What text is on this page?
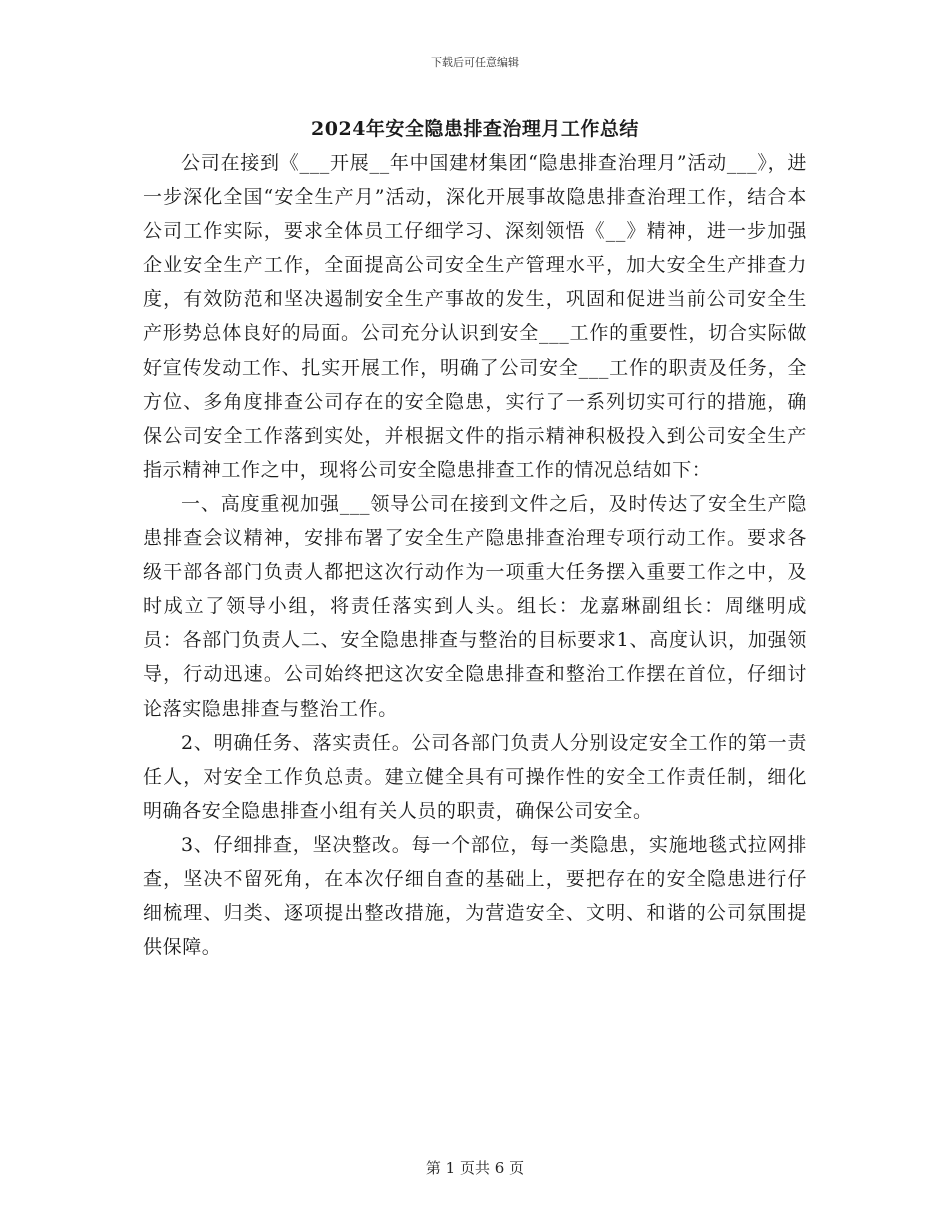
下载后可任意编辑
2024年安全隐患排查治理月工作总结

公司在接到《___开展__年中国建材集团“隐患排查治理月”活动___》，进一步深化全国“安全生产月”活动，深化开展事故隐患排查治理工作，结合本公司工作实际，要求全体员工仔细学习、深刻领悟《__》精神，进一步加强企业安全生产工作，全面提高公司安全生产管理水平，加大安全生产排查力度，有效防范和坚决遏制安全生产事故的发生，巩固和促进当前公司安全生产形势总体良好的局面。公司充分认识到安全___工作的重要性，切合实际做好宣传发动工作、扎实开展工作，明确了公司安全___工作的职责及任务，全方位、多角度排查公司存在的安全隐患，实行了一系列切实可行的措施，确保公司安全工作落到实处，并根据文件的指示精神积极投入到公司安全生产指示精神工作之中，现将公司安全隐患排查工作的情况总结如下：

一、高度重视加强___领导公司在接到文件之后，及时传达了安全生产隐患排查会议精神，安排布署了安全生产隐患排查治理专项行动工作。要求各级干部各部门负责人都把这次行动作为一项重大任务摆入重要工作之中，及时成立了领导小组，将责任落实到人头。组长：龙嘉琳副组长：周继明成员：各部门负责人二、安全隐患排查与整治的目标要求1、高度认识，加强领导，行动迅速。公司始终把这次安全隐患排查和整治工作摆在首位，仔细讨论落实隐患排查与整治工作。

2、明确任务、落实责任。公司各部门负责人分别设定安全工作的第一责任人，对安全工作负总责。建立健全具有可操作性的安全工作责任制，细化明确各安全隐患排查小组有关人员的职责，确保公司安全。

3、仔细排查，坚决整改。每一个部位，每一类隐患，实施地毯式拉网排查，坚决不留死角，在本次仔细自查的基础上，要把存在的安全隐患进行仔细梳理、归类、逐项提出整改措施，为营造安全、文明、和谐的公司氛围提供保障。

第 1 页共 6 页
